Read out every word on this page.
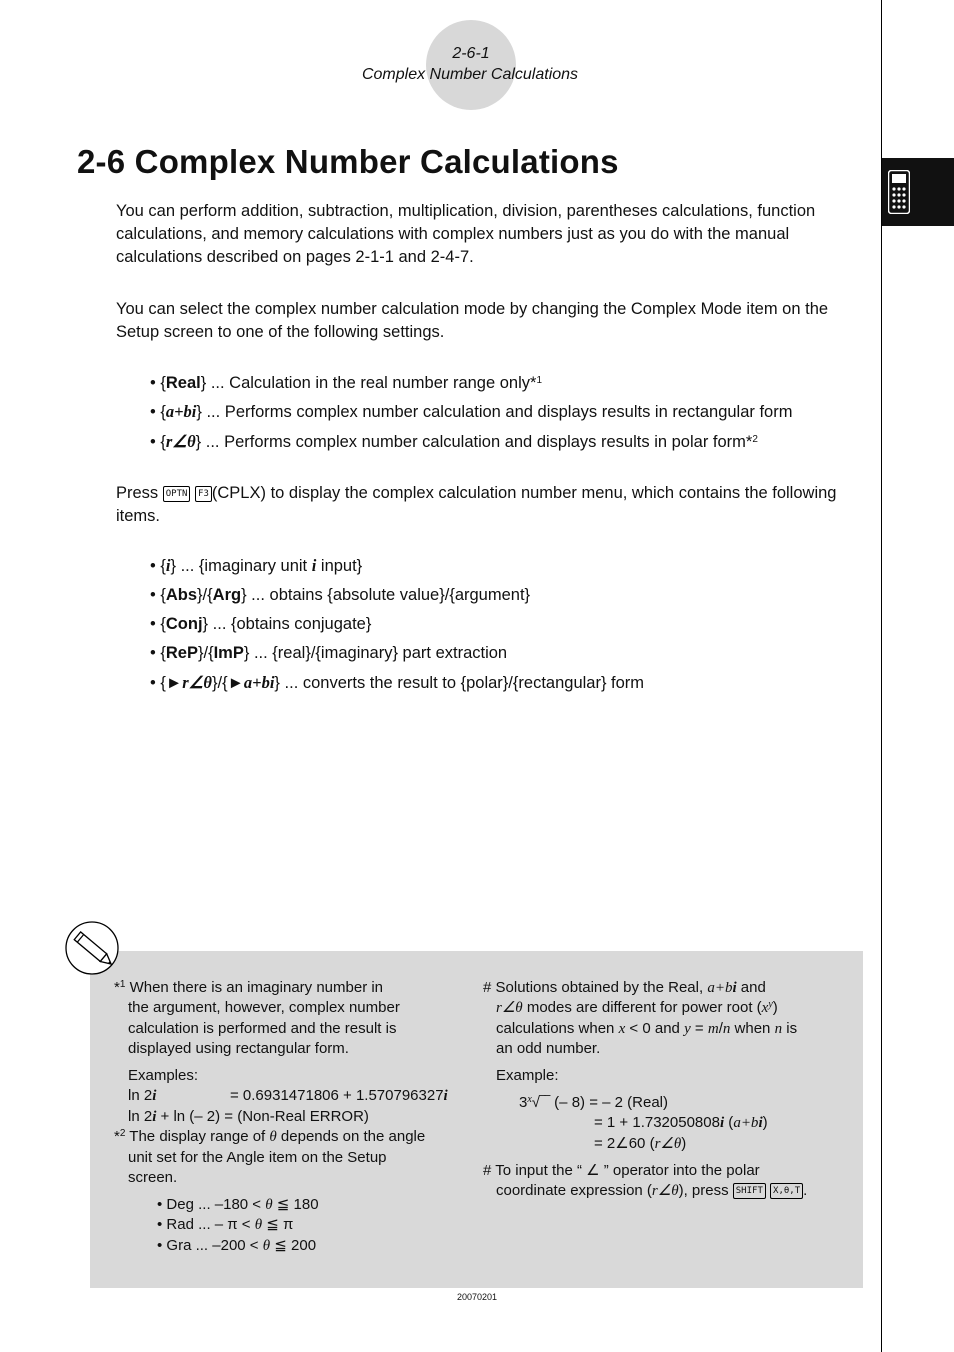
2-6-1
Complex Number Calculations
2-6 Complex Number Calculations

You can perform addition, subtraction, multiplication, division, parentheses calculations, function calculations, and memory calculations with complex numbers just as you do with the manual calculations described on pages 2-1-1 and 2-4-7.

You can select the complex number calculation mode by changing the Complex Mode item on the Setup screen to one of the following settings.

• {Real} ... Calculation in the real number range only*$^1$
• {a+bi} ... Performs complex number calculation and displays results in rectangular form
• {r∠θ} ... Performs complex number calculation and displays results in polar form*$^2$

Press OPTN F3 (CPLX) to display the complex calculation number menu, which contains the following items.

• {i} ... {imaginary unit i input}
• {Abs}/{Arg} ... obtains {absolute value}/{argument}
• {Conj} ... {obtains conjugate}
• {ReP}/{ImP} ... {real}/{imaginary} part extraction
• {►r∠θ}/{►a+bi} ... converts the result to {polar}/{rectangular} form
*$^1$ When there is an imaginary number in
the argument, however, complex number
calculation is performed and the result is
displayed using rectangular form.
Examples:
ln 2i	= 0.6931471806 + 1.570796327i
ln 2i + ln (– 2) = (Non-Real ERROR)
*$^2$ The display range of θ depends on the angle
unit set for the Angle item on the Setup
screen.
• Deg ... –180 < θ ≦ 180
• Rad ... – π < θ ≦ π
• Gra ... –200 < θ ≦ 200
# Solutions obtained by the Real, a+bi and
r∠θ modes are different for power root $(x^y)$
calculations when x < 0 and y = m/n when n is
an odd number.
Example:
3$^x$√‾‾ (– 8) = – 2 (Real)
= 1 + 1.732050808i (a+bi)
= 2∠60 (r∠θ)
# To input the “ ∠ ” operator into the polar
coordinate expression (r∠θ), press SHIFT X,θ,T .
20070201
